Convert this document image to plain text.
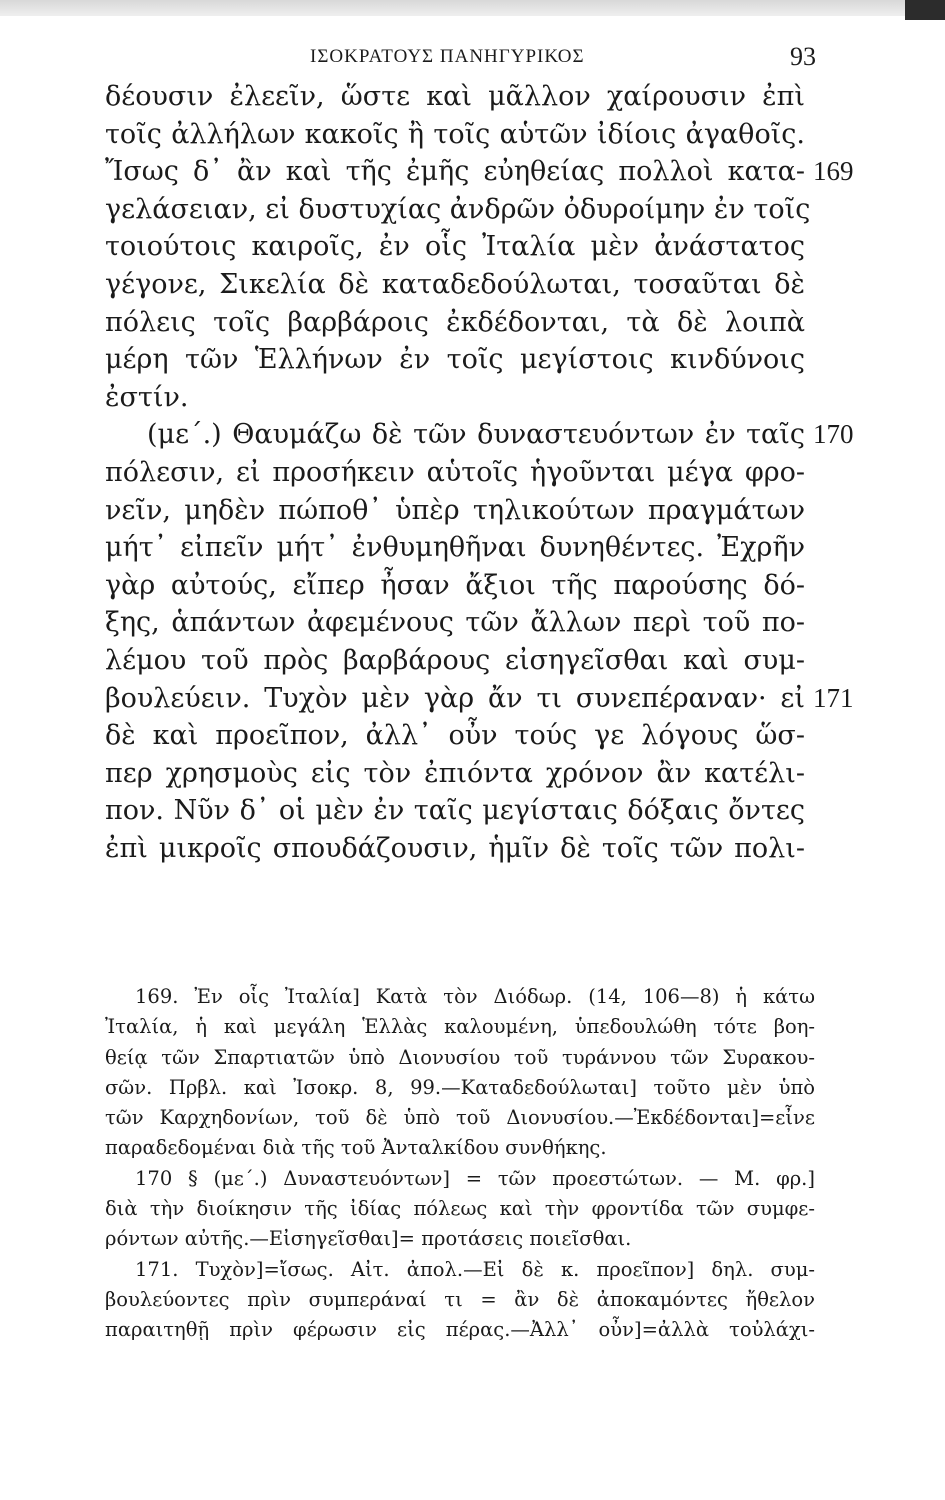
ΙΣΟΚΡΑΤΟΥΣ ΠΑΝΗΓΥΡΙΚΟΣ	93
δέουσιν ἐλεεῖν, ὥστε καὶ μᾶλλον χαίρουσιν ἐπὶ
τοῖς ἀλλήλων κακοῖς ἢ τοῖς αὑτῶν ἰδίοις ἀγαθοῖς.
Ἴσως δ᾽ ἂν καὶ τῆς ἐμῆς εὐηθείας πολλοὶ κατα- 169
γελάσειαν, εἰ δυστυχίας ἀνδρῶν ὀδυροίμην ἐν τοῖς
τοιούτοις καιροῖς, ἐν οἷς Ἰταλία μὲν ἀνάστατος
γέγονε, Σικελία δὲ καταδεδούλωται, τοσαῦται δὲ
πόλεις τοῖς βαρβάροις ἐκδέδονται, τὰ δὲ λοιπὰ
μέρη τῶν Ἑλλήνων ἐν τοῖς μεγίστοις κινδύνοις
ἐστίν.
(με΄.) Θαυμάζω δὲ τῶν δυναστευόντων ἐν ταῖς 170
πόλεσιν, εἰ προσήκειν αὑτοῖς ἡγοῦνται μέγα φρο-
νεῖν, μηδὲν πώποθ᾽ ὑπὲρ τηλικούτων πραγμάτων
μήτ᾽ εἰπεῖν μήτ᾽ ἐνθυμηθῆναι δυνηθέντες. Ἐχρῆν
γὰρ αὐτούς, εἴπερ ἦσαν ἄξιοι τῆς παρούσης δό-
ξης, ἁπάντων ἀφεμένους τῶν ἄλλων περὶ τοῦ πο-
λέμου τοῦ πρὸς βαρβάρους εἰσηγεῖσθαι καὶ συμ-
βουλεύειν. Τυχὸν μὲν γὰρ ἄν τι συνεπέραναν· εἰ 171
δὲ καὶ προεῖπον, ἀλλ᾽ οὖν τούς γε λόγους ὥσ-
περ χρησμοὺς εἰς τὸν ἐπιόντα χρόνον ἂν κατέλι-
πον. Νῦν δ᾽ οἱ μὲν ἐν ταῖς μεγίσταις δόξαις ὄντες
ἐπὶ μικροῖς σπουδάζουσιν, ἡμῖν δὲ τοῖς τῶν πολι-
169. Ἐν οἷς Ἰταλία] Κατὰ τὸν Διόδωρ. (14, 106—8) ἡ κάτω
Ἰταλία, ἡ καὶ μεγάλη Ἑλλὰς καλουμένη, ὑπεδουλώθη τότε βοη-
θείᾳ τῶν Σπαρτιατῶν ὑπὸ Διονυσίου τοῦ τυράννου τῶν Συρακου-
σῶν. Πρβλ. καὶ Ἰσοκρ. 8, 99.—Καταδεδούλωται] τοῦτο μὲν ὑπὸ
τῶν Καρχηδονίων, τοῦ δὲ ὑπὸ τοῦ Διονυσίου.—Ἐκδέδονται]=εἶνε
παραδεδομέναι διὰ τῆς τοῦ Ἀνταλκίδου συνθήκης.
170 § (με΄.) Δυναστευόντων] = τῶν προεστώτων. — Μ. φρ.]
διὰ τὴν διοίκησιν τῆς ἰδίας πόλεως καὶ τὴν φροντίδα τῶν συμφε-
ρόντων αὐτῆς.—Εἰσηγεῖσθαι]= προτάσεις ποιεῖσθαι.
171. Τυχὸν]=ἴσως. Αἰτ. ἀπολ.—Εἰ δὲ κ. προεῖπον] δηλ. συμ-
βουλεύοντες πρὶν συμπεράναί τι = ἂν δὲ ἀποκαμόντες ἤθελον
παραιτηθῇ πρὶν φέρωσιν εἰς πέρας.—Ἀλλ᾽ οὖν]=ἀλλὰ τοὐλάχι-
